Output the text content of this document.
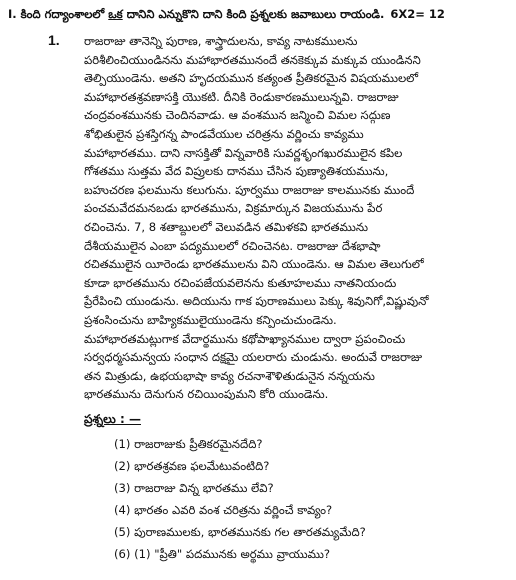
I. కింది గద్యాంశాలలో ఒక దానిని ఎన్నుకొని దాని కింది ప్రశ్నలకు జవాబులు రాయండి. 6X2= 12
1. రాజరాజు తానెన్ని పురాణ, శాస్త్రాదులను, కావ్య నాటకములను
పరిశీలించియుండినను మహాభారతమునందే తనకెక్కువ మక్కువ యుండినని
తెల్పియుండెను. అతని హృదయమున కత్యంత ప్రీతికరమైన విషయములలో
మహాభారతశ్రవణాసక్తి యొకటి. దీనికి రెండుకారణములున్నవి. రాజరాజు
చంద్రవంశమునకు చెందినవాడు. ఆ వంశమున జన్మించి విమల సద్గుణ
శోభితులైన ప్రశస్తిగన్న పాండవేయుల చరిత్రను వర్ణించు కావ్యము
మహాభారతము. దాని నాసక్తితో విన్నవారికి సువర్ణశృంగఖురములైన కపిల
గోశతము సుత్తమ వేద విప్రులకు దానము చేసిన పుణ్యాతిశయమును,
బహుచరణ ఫలమును కలుగును. పూర్వము రాజరాజు కాలమునకు ముందే
పంచమవేదమనబడు భారతమును, విక్రమార్కున విజయమును పేర
రచించెను. 7, 8 శతాబ్దులలో వెలువడిన తమిళకవి భారతమును
దేశీయములైన ఎంబా పద్యములలో రచించెనట. రాజరాజు దేశభాషా
రచితములైన యీరెండు భారతములను విని యుండెను. ఆ విమల తెలుగులో
కూడా భారతమును రచింపజేయవలెనను కుతూహలము నాతనియందు
ప్రేరేపించి యుండును. అదియును గాక పురాణములు పెక్కు శివునిగో,విష్ణువునో
ప్రశంసించును బాహ్యికములైయుండెను కన్పించుచుండెను.
మహాభారతమట్లుగాక వేదార్థమును కథోపాఖ్యానముల ద్వారా ప్రపంచించు
సర్వధర్మసమన్వయ సంధాన దక్షమై యలరారు చుండును. అందువే రాజరాజు
తన మిత్రుడు, ఉభయభాషా కావ్య రచనాశౌళితుడునైన నన్నయను
భారతమును దెనుగున రచియింపుమని కోరి యుండెను.
ప్రశ్నలు : —
(1) రాజరాజుకు ప్రీతికరమైనదేది?
(2) భారతశ్రవణ ఫలమేటువంటిది?
(3) రాజరాజు విన్న భారతము లేవి?
(4) భారతం ఎవరి వంశ చరిత్రను వర్ణించే కావ్యం?
(5) పురాణములకు, భారతమునకు గల తారతమ్యమేది?
(6) (1) "ప్రీతి" పదమునకు అర్థము వ్రాయుము?
